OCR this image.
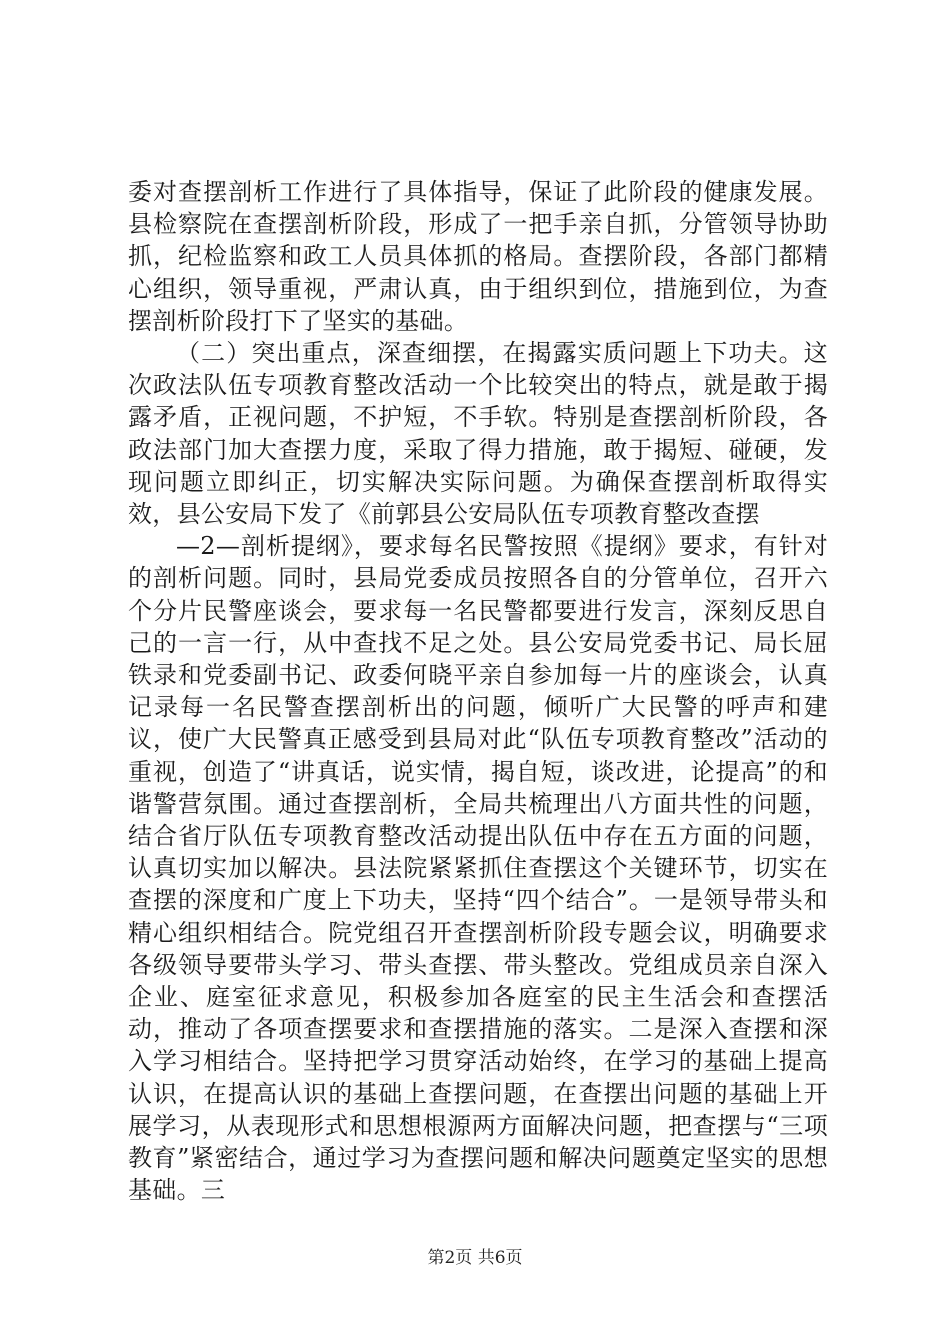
委对查摆剖析工作进行了具体指导，保证了此阶段的健康发展。县检察院在查摆剖析阶段，形成了一把手亲自抓，分管领导协助抓，纪检监察和政工人员具体抓的格局。查摆阶段，各部门都精心组织，领导重视，严肃认真，由于组织到位，措施到位，为查摆剖析阶段打下了坚实的基础。

（二）突出重点，深查细摆，在揭露实质问题上下功夫。这次政法队伍专项教育整改活动一个比较突出的特点，就是敢于揭露矛盾，正视问题，不护短，不手软。特别是查摆剖析阶段，各政法部门加大查摆力度，采取了得力措施，敢于揭短、碰硬，发现问题立即纠正，切实解决实际问题。为确保查摆剖析取得实效，县公安局下发了《前郭县公安局队伍专项教育整改查摆

—2—剖析提纲》，要求每名民警按照《提纲》要求，有针对的剖析问题。同时，县局党委成员按照各自的分管单位，召开六个分片民警座谈会，要求每一名民警都要进行发言，深刻反思自己的一言一行，从中查找不足之处。县公安局党委书记、局长屈铁录和党委副书记、政委何晓平亲自参加每一片的座谈会，认真记录每一名民警查摆剖析出的问题，倾听广大民警的呼声和建议，使广大民警真正感受到县局对此“队伍专项教育整改”活动的重视，创造了“讲真话，说实情，揭自短，谈改进，论提高”的和谐警营氛围。通过查摆剖析，全局共梳理出八方面共性的问题，结合省厅队伍专项教育整改活动提出队伍中存在五方面的问题，认真切实加以解决。县法院紧紧抓住查摆这个关键环节，切实在查摆的深度和广度上下功夫，坚持“四个结合”。一是领导带头和精心组织相结合。院党组召开查摆剖析阶段专题会议，明确要求各级领导要带头学习、带头查摆、带头整改。党组成员亲自深入企业、庭室征求意见，积极参加各庭室的民主生活会和查摆活动，推动了各项查摆要求和查摆措施的落实。二是深入查摆和深入学习相结合。坚持把学习贯穿活动始终，在学习的基础上提高认识，在提高认识的基础上查摆问题，在查摆出问题的基础上开展学习，从表现形式和思想根源两方面解决问题，把查摆与“三项教育”紧密结合，通过学习为查摆问题和解决问题奠定坚实的思想基础。三

第2页 共6页
